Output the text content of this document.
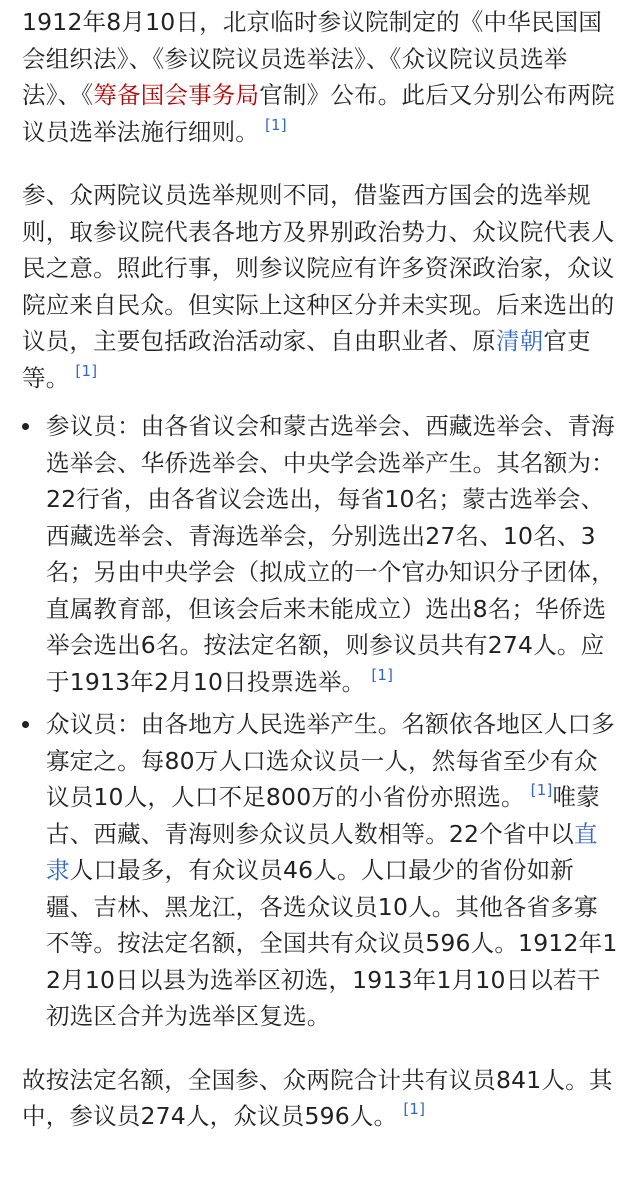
1912年8月10日，北京临时参议院制定的《中华民国国会组织法》、《参议院议员选举法》、《众议院议员选举法》、《筹备国会事务局官制》公布。此后又分别公布两院议员选举法施行细则。 [1]

参、众两院议员选举规则不同，借鉴西方国会的选举规则，取参议院代表各地方及界别政治势力、众议院代表人民之意。照此行事，则参议院应有许多资深政治家，众议院应来自民众。但实际上这种区分并未实现。后来选出的议员，主要包括政治活动家、自由职业者、原清朝官吏等。 [1]

参议员：由各省议会和蒙古选举会、西藏选举会、青海选举会、华侨选举会、中央学会选举产生。其名额为：22行省，由各省议会选出，每省10名；蒙古选举会、西藏选举会、青海选举会，分别选出27名、10名、3名；另由中央学会（拟成立的一个官办知识分子团体，直属教育部，但该会后来未能成立）选出8名；华侨选举会选出6名。按法定名额，则参议员共有274人。应于1913年2月10日投票选举。 [1]
众议员：由各地方人民选举产生。名额依各地区人口多寡定之。每80万人口选众议员一人，然每省至少有众议员10人，人口不足800万的小省份亦照选。 [1]唯蒙古、西藏、青海则参众议员人数相等。22个省中以直隶人口最多，有众议员46人。人口最少的省份如新疆、吉林、黑龙江，各选众议员10人。其他各省多寡不等。按法定名额，全国共有众议员596人。1912年12月10日以县为选举区初选，1913年1月10日以若干初选区合并为选举区复选。

故按法定名额，全国参、众两院合计共有议员841人。其中，参议员274人，众议员596人。 [1]
